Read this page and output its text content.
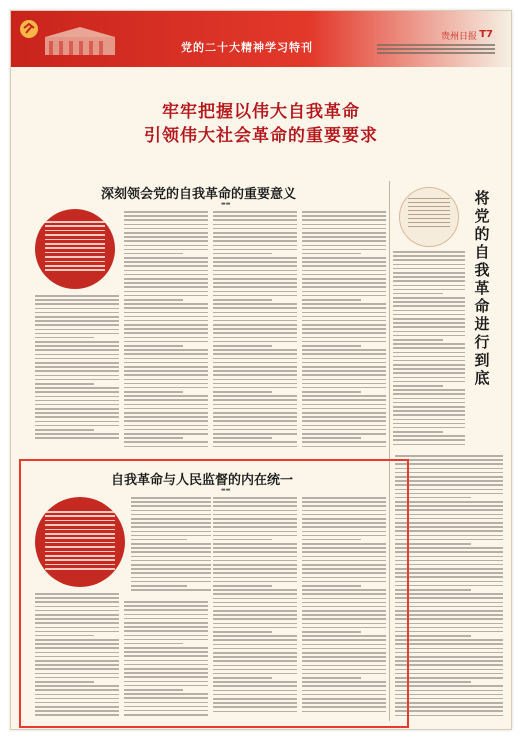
党的二十大精神学习特刊
贵州日报 T7
牢牢把握以伟大自我革命
引领伟大社会革命的重要要求
深刻领会党的自我革命的重要意义
▬▬	将党的自我革命进行到底
自我革命与人民监督的内在统一
▬▬
